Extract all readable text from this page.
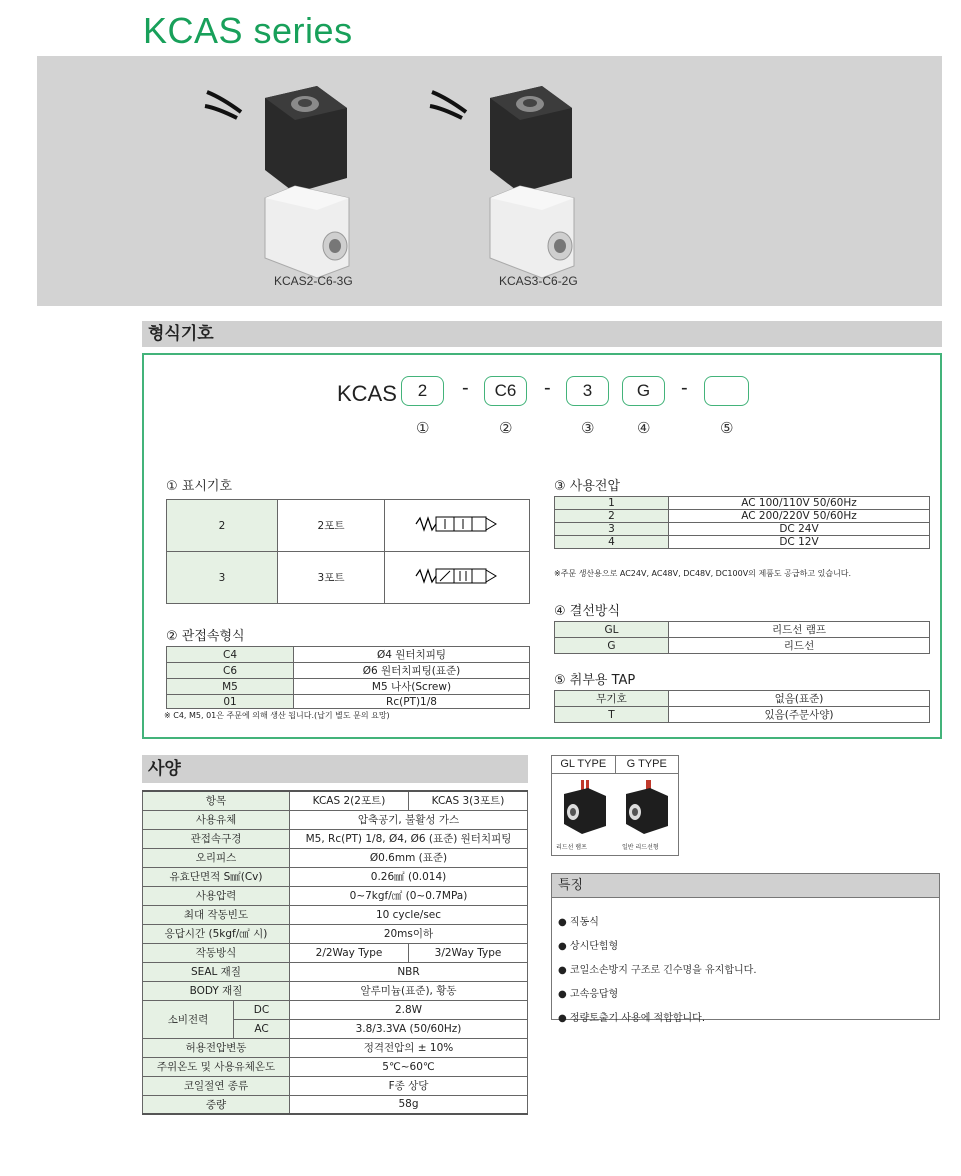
KCAS series
KCAS2-C6-3G	KCAS3-C6-2G
형식기호
KCAS	2	-	C6	-	3	G	-
①	②	③	④	⑤
① 표시기호
2	2포트	
3	3포트	
② 관접속형식
C4	Ø4 원터치피팅
C6	Ø6 원터치피팅(표준)
M5	M5 나사(Screw)
01	Rc(PT)1/8
※ C4, M5, 01은 주문에 의해 생산 됩니다.(납기 별도 문의 요망)
③ 사용전압
1	AC 100/110V 50/60Hz
2	AC 200/220V 50/60Hz
3	DC 24V
4	DC 12V
※주문 생산용으로 AC24V, AC48V, DC48V, DC100V의 제품도 공급하고 있습니다.
④ 결선방식
GL	리드선 램프
G	리드선
⑤ 취부용 TAP
무기호	없음(표준)
T	있음(주문사양)
사양
항목		KCAS 2(2포트)	KCAS 3(3포트)
사용유체		압축공기, 불활성 가스	
관접속구경		M5, Rc(PT) 1/8, Ø4, Ø6 (표준) 원터치피팅	
오리피스		Ø0.6mm (표준)	
유효단면적 S㎟(Cv)		0.26㎟ (0.014)	
사용압력		0~7kgf/㎠ (0~0.7MPa)	
최대 작동빈도		10 cycle/sec	
응답시간 (5kgf/㎠ 시)		20ms이하	
작동방식		2/2Way Type	3/2Way Type
SEAL 재질		NBR	
BODY 재질		알루미늄(표준), 황동	
소비전력	DC	2.8W	
	AC	3.8/3.3VA (50/60Hz)	
허용전압변동		정격전압의 ± 10%	
주위온도 및 사용유체온도		5℃~60℃	
코일절연 종류		F종 상당	
중량		58g	
GL TYPE	G TYPE
리드선 램프	일반 리드선형
특징
● 직동식
● 상시단힘형
● 코일소손방지 구조로 긴수명을 유지합니다.
● 고속응답형
● 정량토출기 사용에 적합합니다.
